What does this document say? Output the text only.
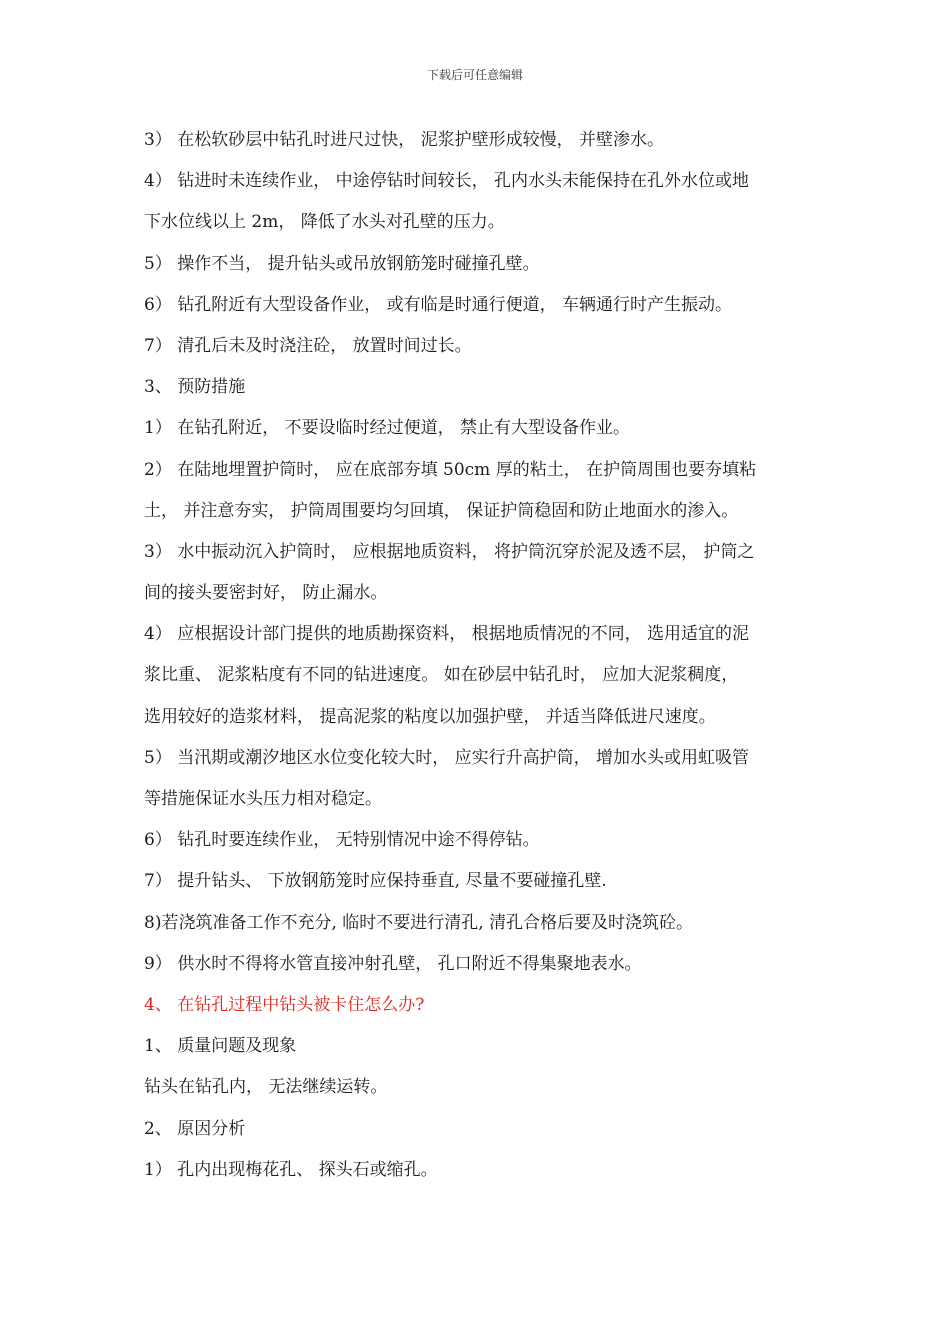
下载后可任意编辑
3） 在松软砂层中钻孔时进尺过快， 泥浆护壁形成较慢， 并壁渗水。
4） 钻进时未连续作业， 中途停钻时间较长， 孔内水头未能保持在孔外水位或地
下水位线以上 2m， 降低了水头对孔壁的压力。
5） 操作不当， 提升钻头或吊放钢筋笼时碰撞孔壁。
6） 钻孔附近有大型设备作业， 或有临是时通行便道， 车辆通行时产生振动。
7） 清孔后未及时浇注砼， 放置时间过长。
3、 预防措施
1） 在钻孔附近， 不要设临时经过便道， 禁止有大型设备作业。
2） 在陆地埋置护筒时， 应在底部夯填 50cm 厚的粘土， 在护筒周围也要夯填粘
土， 并注意夯实， 护筒周围要均匀回填， 保证护筒稳固和防止地面水的渗入。
3） 水中振动沉入护筒时， 应根据地质资料， 将护筒沉穿於泥及透不层， 护筒之
间的接头要密封好， 防止漏水。
4） 应根据设计部门提供的地质勘探资料， 根据地质情况的不同， 选用适宜的泥
浆比重、 泥浆粘度有不同的钻进速度。 如在砂层中钻孔时， 应加大泥浆稠度，
选用较好的造浆材料， 提高泥浆的粘度以加强护壁， 并适当降低进尺速度。
5） 当汛期或潮汐地区水位变化较大时， 应实行升高护筒， 增加水头或用虹吸管
等措施保证水头压力相对稳定。
6） 钻孔时要连续作业， 无特别情况中途不得停钻。
7） 提升钻头、 下放钢筋笼时应保持垂直, 尽量不要碰撞孔壁.
8)若浇筑准备工作不充分, 临时不要进行清孔, 清孔合格后要及时浇筑砼。
9） 供水时不得将水管直接冲射孔壁， 孔口附近不得集聚地表水。
4、 在钻孔过程中钻头被卡住怎么办?
1、 质量问题及现象
钻头在钻孔内， 无法继续运转。
2、 原因分析
1） 孔内出现梅花孔、 探头石或缩孔。
